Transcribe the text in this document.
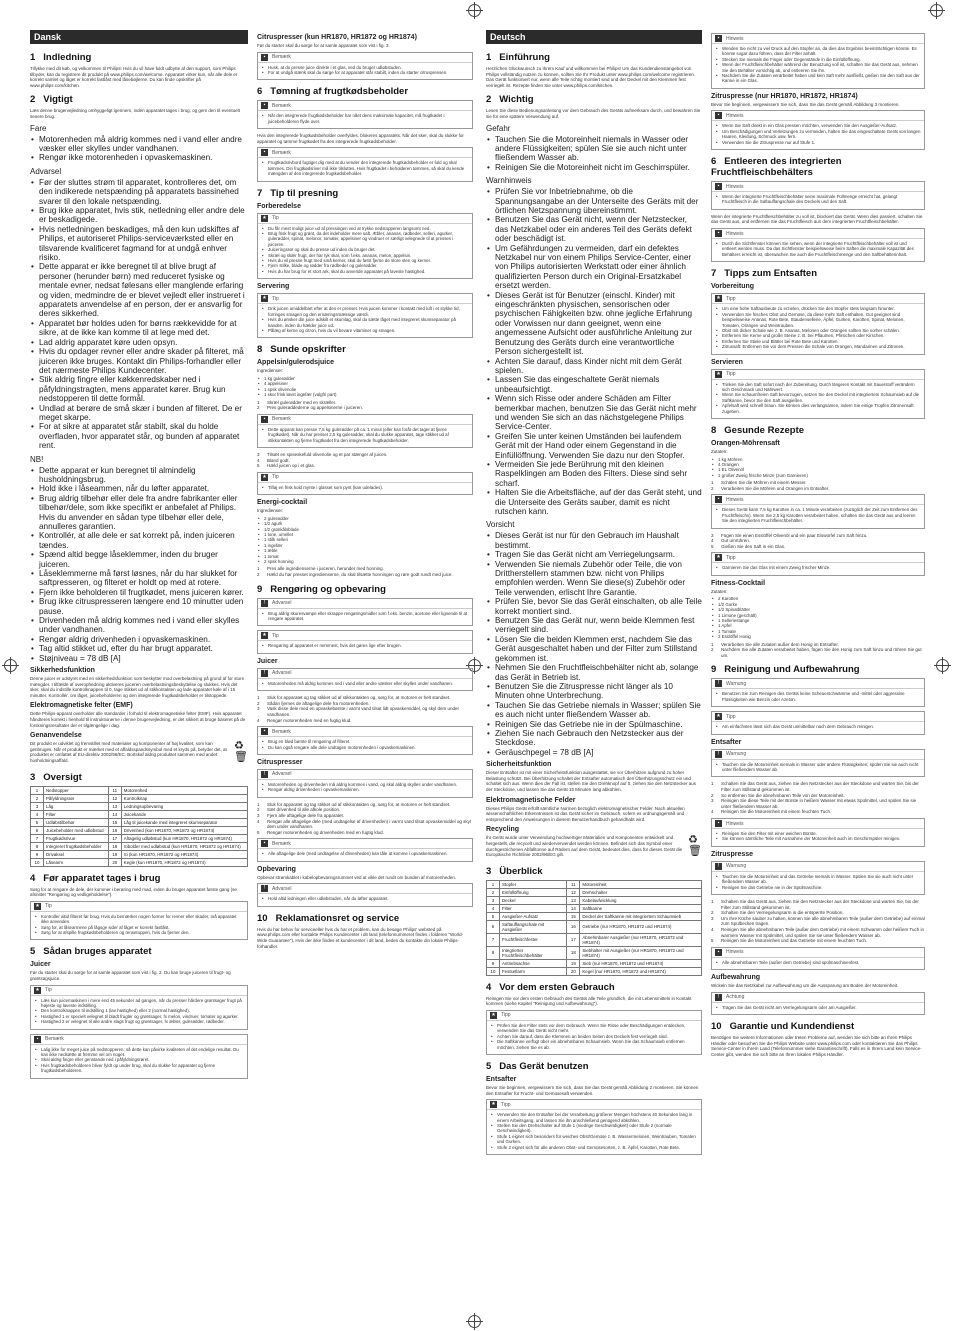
Dansk
1 Indledning

Tillykke med dit køb, og velkommen til Philips! Hvis du vil have fuldt udbytte af den support, som Philips tilbyder, kan du registrere dit produkt på www.philips.com/welcome. Apparatet virker kun, når alle dele er korrekt samlet og låget er korrekt fastlåst med låsebøjlerne. Du kan finde opskrifter på www.philips.com/kitchen.

2 Vigtigt

Læs denne brugervejledning omhyggeligt igennem, inden apparatet tages i brug, og gem den til eventuelt senere brug.

Fare
• Motorenheden må aldrig kommes ned i vand eller andre væsker eller skylles under vandhanen.
• Rengør ikke motorenheden i opvaskemaskinen.
Advarsel
• Før der sluttes strøm til apparatet, kontrolleres det, om den indikerede netspænding på apparatets bassinehed svarer til den lokale netspænding.
• Brug ikke apparatet, hvis stik, netledning eller andre dele er beskadigede.
• Hvis netledningen beskadiges, må den kun udskiftes af Philips, et autoriseret Philips-serviceværksted eller en tilsvarende kvalificeret fagmand for at undgå enhver risiko.
• Dette apparat er ikke beregnet til at blive brugt af personer (herunder børn) med reduceret fysiske og mentale evner, nedsat følesans eller manglende erfaring og viden, medmindre de er blevet vejledt eller instrueret i apparatets anvendelse af en person, der er ansvarlig for deres sikkerhed.
• Apparatet bør holdes uden for børns rækkevidde for at sikre, at de ikke kan komme til at lege med det.
• Lad aldrig apparatet køre uden opsyn.
• Hvis du opdager revner eller andre skader på filteret, må juiceren ikke bruges. Kontakt din Philips-forhandler eller det nærmeste Philips Kundecenter.
• Stik aldrig fingre eller køkkenredskaber ned i påfyldningstragten, mens apparatet kører. Brug kun nedstopperen til dette formål.
• Undlad at berøre de små skær i bunden af filteret. De er meget skarpe.
• For at sikre at apparatet står stabilt, skal du holde overfladen, hvor apparatet står, og bunden af apparatet rent.
NB!
• Dette apparat er kun beregnet til almindelig husholdningsbrug.
• Hold ikke i låseammen, når du løfter apparatet.
• Brug aldrig tilbehør eller dele fra andre fabrikanter eller tilbehør/dele, som ikke specifikt er anbefalet af Philips. Hvis du anvender en sådan type tilbehør eller dele, annulleres garantien.
• Kontrollér, at alle dele er sat korrekt på, inden juiceren tændes.
• Spænd altid begge låseklemmer, inden du bruger juiceren.
• Låseklemmerne må først løsnes, når du har slukket for saftpresseren, og filteret er holdt op med at rotere.
• Fjern ikke beholderen til frugtkødet, mens juiceren kører.
• Brug ikke citruspresseren længere end 10 minutter uden pause.
• Drivenheden må aldrig kommes ned i vand eller skylles under vandhanen.
• Rengør aldrig drivenheden i opvaskemaskinen.
• Tag altid stikket ud, efter du har brugt apparatet.
• Støjniveau = 78 dB [A]
Sikkerhedsfunktion

Denne juicer er udstyret med en sikkerhedsfunktion som beskytter mod overbelastning på grund af for store mængder. I tilfælde af overophedning aktiveres juiceren overbelastningsbeskyttelse og slukkes. Hvis det sker, skal du indstille kontrolknappen til 0, tage stikket ud af stikkontakten og lade apparatet køle af i 15 minutter. Kontrollér, om låget, juicebeholderen og den integrerede frugtkødsbeholder er tilstoppede.

Elektromagnetiske felter (EMF)

Dette Philips-apparat overholder alle standarder i forhold til elektromagnetiske felter (EMF). Hvis apparatet håndteres korrekt i henhold til instruktionerne i denne brugervejledning, er det sikkert at bruge baseret på de forskningsresultater der er tilgængelige i dag.

Genanvendelse

Dit produkt er udviklet og fremstillet med materialer og komponenter af høj kvalitet, som kan genbruges. Når et produkt er mærket med et affaldsspandssymbol med et kryds på, betyder det, at produktet er omfattet af EU-direktiv 2002/96/EC. Bortskaf aldrig produktet sammen med andet husholdningsaffald.

♻
🗑
3 Oversigt
1	Nedstopper	11	Motorenhed
2	Påfyldningsrør	12	Kontrolknap
3	Låg	13	Ledningsopbevaring
4	Filter	14	Juicekande
5	Udløbstilbehør	15	Låg til juicekande med integreret skumseparator
6	Juicebeholder med udløbstud	16	Drivenhed (kun HR1870, HR1872 og HR1874)
7	Frugtkødsrivue	17	Aftagelig udløbstud (kun HR1870, HR1872 og HR1874)
8	Integreret frugtkødsbeholder	18	Sibolder med udløbstud (kun HR1870, HR1872 og HR1874)
9	Drivaksel	19	Si (kun HR1870, HR1872 og HR1874)
10	Låsearm	20	Kegle (kun HR1870, HR1872 og HR1874)
4 Før apparatet tages i brug

Sørg for at rengøre de dele, der kommer i berøring med mad, inden du bruger apparatet første gang (se afsnittet "Rengøring og vedligeholdelse").

★ Tip
• Kontroller altid filteret før brug. Hvis du bemærker nogen former for revner eller skader, må apparatet ikke anvendes.
• Sørg for, at låsearmene på lågsge sider af låget er korrekt fastlåst.
• Sørg for at afspille frugtkødsbeholderen og rensetoppen, hvis du fjerner den.
5 Sådan bruges apparatet
Juicer

Før du starter skal du sørge for at samle apparatet som vist i fig. 2. Du kan bruge juiceren til frugt- og grøntsagsjuice.

★ Tip
• Læs kun juicemaskinen i mere end 45 sekunder ad gangen, når du presser hårdere grøntsager frugt på højeste og laveste indstilling.
• Den kontrolknappen til indstilling 1 (lav hastighed) eller 2 (normal hastighed).
• Hastighed 1 er specielt velegnet til blødt frugter og grøntsager, fx melon, vindruer, tomater og agurker.
• Hastighed 2 er velegnet til alle andre slags frugt og grøntsager, fx æbler, gulerødder, rødbeder.
▪	Bemærk
• Lalig ikke for meget juice på nedstopperen; så dette kan påvirke kvaliteten af det endelige resultat. Du kan ikke nedsætte at fremme vel om noget.
• Skal aldrig fingre eller genstande ned i påfyldningsrøret.
• Hvis frugtkødsbeholderen bliver fyldt op under brug, skal du slukke for apparatet og fjerne frugtkødsbeholderen.
Citruspresser (kun HR1870, HR1872 og HR1874)

Før du starter skal du sørge for at samle apparatet som vist i fig. 3.

▪	Bemærk
• Husk, at du presse juice direkte i et glas, ved du bruger udløbstuden.
• For at undgå stænk skal du sørge for at apparatet står stabilt, inden du starter citruspressen.
6 Tømning af frugtkødsbeholder
▪	Bemærk
• Når den integrerede frugtkødsbeholder har nået dens maksimale kapacitet, må frugtkødet i juicebeholderen flyde over.

Hvis den integrerede frugtkødsbeholder overfyldes, blokeres apparatets. Når det sker, skal du slukke for apparatet og tømme frugtkødet fra den integrerede frugtkødsbeholder.

▪	Bemærk
• Frugtkødsrivbord fugtiger dig med at du vender den integrerede frugtkødsbeholder er fuld og skal tømmes. Din frugtkødsriver må ikke tilsluttes. Hvis frugtkødet i beholderen tømmes, så skal du kende mængden af den integrerede frugtkødsbeholder.
7 Tip til presning
Forberedelse
★ Tip
• Du får mest muligt juice ud af pressingen ved at trykke nedstopperen langsomt ned.
• Brug frisk frugt og grønt, da det indeholder mere saft. Æbler, ananas, rødbeder, selleri, agurker, gulerødder, spinat, melonor, tomater, appelsiner og vindruer er særligt velegnede til at presses i juiceren.
• Juiceringsrør og skal du presse ud inden du bruger det.
• Skræl og skær frugt, der har tyk skal, som f.eks. ananas, melon, appelsin.
• Hvis du vil presse frugt med små kerner, skal du først fjerne de store sten og kerner.
• Fjern stilke, blade og rødder fra rødbeder og gulerødder.
• Hvis du har brug for et stort ark, skal du anvende apparatet på laveste hastighed.
Servering
★ Tip
• Drik juicen umiddelbart efter at den er presset. Hvis juicen kommer i kontakt med luft i et stykke tid, forringes smagen og den ernæringsmæssige værdi.
• Hvis du ønsker din juice adskilt et skumlag, skal du sætte låget med integreret skumseparator på kanden, inden du hælder juice ud.
• Pålæg af kerne og citron, hvis du vil bevare vitaminer og smagen.
8 Sunde opskrifter
Appelsin/gulerodsjuice

Ingredienser:

• 1 kg gulerødder
• 4 appelsiner
• 1 spsk olivenolie
• 1 skor frisk løvst ingefær (valgfri part)
1	Skræl gulerødder med en skræller.
2	Pres gulerøddederne og appelsinerne i juiceren.
▪	Bemærk
• Dette apparat kan presse 7,5 kg gulerødder på ca. 1 minut (eller kan forår det tager at fjerne frugtkødet). Når du har presset 2,5 kg gulerødder, skal du slukke apparatet, tage stikket ud af stikkontakten og fjerne frugtkødet fra den integrerede frugtkødsbeholder.
3	Tilsæt en spiseskefuld olivenolie og et par stænger af juicen.
4	Bland godt.
5	Hæld juicen op i et glas.
★ Tip
• Tilføj en frisk kold mynte i glasset som pynt (kan udelades).
Energi-cocktail

Ingredienser:

• 2 gulerødder
• 1/2 agurk
• 1/2 grønkålsblade
• 1 tone, urnellet
• 1 stilk selleri
• 1 ingefær
• 1 æble
• 1 tomat
• 2 spsk honning
1	Pres alle ingredienserne i juiceren, herunder med honning.
2	Hæld du har presset ingredienserne, du skal tilsætte honningen og røre godt rundt med juice.
9 Rengøring og opbevaring
!	Advarsel
• Brug aldrig skuresvampe eller skrappe rengøringsmidler som f.eks. benzin, acetone eller lignende til at rengøre apparatet.
★ Tip
• Rengøring af apparatet er nemmest, hvis det gøres lige efter brugen.
Juicer
!	Advarsel
• Motorenheden må aldrig kommes ned i vand eller andre væsker eller skylles under vandhanen.
1	Sluk for apparatet og tag stikket ud af stikkontakten og, sørg for, at motoren er helt standset.
2	Sådan fjernes de aftagelige dele fra motorenheden.
3	Vask disse dele med en opvaskebørste i varmt vand tilsat lidt opvaskemiddel, og skyl dem under vandhanen.
4	Rengør motorenheden med en fugtig klud.
▪	Bemærk
• Brug en blød børste til rengøring af filteret.
• Du kan også rengøre alle dele undtagen motorenheden i opvaskemaskinen.
Citruspresser
!	Advarsel
• Motorenheden og drivenheden må aldrig kommes i vand, og skal aldrig skylles under vandhanen.
• Rengør aldrig drivenheden i opvaskemaskinen.
1	Sluk for apparatet og tag stikket ud af stikkontakten og, sørg for, at motoren er helt standset.
2	Sæt drivenhed til alle afkole position.
3	Fjern alle aftagelige dele fra apparatet.
4	Rengør alle aftagelige dele (med undtagelse af drivenheden) i varmt vand tilsat opvaskemiddel og skyl dem under vandhanen.
5	Rengør motorenheden og drivenheden med en fugtig klud.
▪	Bemærk
• Alle aftagelige dele (med undtagelse af drivenheden) kan tåle at komme i opvaskemaskinen.
Opbevaring

Opbevar strømkablet i kabelopbevaringsrummet ved at vikle det rundt om bunden af motorenheden.

!	Advarsel
• Hold altid ledningen eller udløbstuden, når du løfter apparatet.
10 Reklamationsret og service

Hvis du har behov for serviceeller hvis du har et problem, kan du besøge Philips' websted på www.philips.com eller kontakte Philips Kundecenter i dit land (telefonnummeret findes i folderen "World-Wide Guarantee"). Hvis der ikke findes et kundecenter i dit land, bedes du kontakte din lokale Philips-forhandler.

Deutsch
1 Einführung

Herzlichen Glückwunsch zu Ihrem Kauf und willkommen bei Philips! Um das Kundendienstangebot von Philips vollständig nutzen zu können, sollten Sie Ihr Produkt unter www.philips.com/welcome registrieren. Das Gerät funktioniert nur, wenn alle Teile richtig montiert sind und der Deckel mit den Klemmen fest verriegelt ist. Rezepte finden Sie unter www.philips.com/kitchen.

2 Wichtig

Lesen Sie diese Bedienungsanleitung vor dem Gebrauch des Geräts aufmerksam durch, und bewahren Sie sie für eine spätere Verwendung auf.

Gefahr
• Tauchen Sie die Motoreinheit niemals in Wasser oder andere Flüssigkeiten; spülen Sie sie auch nicht unter fließendem Wasser ab.
• Reinigen Sie die Motoreinheit nicht im Geschirrspüler.
Warnhinweis
• Prüfen Sie vor Inbetriebnahme, ob die Spannungsangabe an der Unterseite des Geräts mit der örtlichen Netzspannung übereinstimmt.
• Benutzen Sie das Gerät nicht, wenn der Netzstecker, das Netzkabel oder ein anderes Teil des Geräts defekt oder beschädigt ist.
• Um Gefährdungen zu vermeiden, darf ein defektes Netzkabel nur von einem Philips Service-Center, einer von Philips autorisierten Werkstatt oder einer ähnlich qualifizierten Person durch ein Original-Ersatzkabel ersetzt werden.
• Dieses Gerät ist für Benutzer (einschl. Kinder) mit eingeschränkten physischen, sensorischen oder psychischen Fähigkeiten bzw. ohne jegliche Erfahrung oder Vorwissen nur dann geeignet, wenn eine angemessene Aufsicht oder ausführliche Anleitung zur Benutzung des Geräts durch eine verantwortliche Person sichergestellt ist.
• Achten Sie darauf, dass Kinder nicht mit dem Gerät spielen.
• Lassen Sie das eingeschaltete Gerät niemals unbeaufsichtigt.
• Wenn sich Risse oder andere Schäden am Filter bemerkbar machen, benutzen Sie das Gerät nicht mehr und wenden Sie sich an das nächstgelegene Philips Service-Center.
• Greifen Sie unter keinen Umständen bei laufendem Gerät mit der Hand oder einem Gegenstand in die Einfüllöffnung. Verwenden Sie dazu nur den Stopfer.
• Vermeiden Sie jede Berührung mit den kleinen Raspelklingen am Boden des Filters. Diese sind sehr scharf.
• Halten Sie die Arbeitsfläche, auf der das Gerät steht, und die Unterseite des Geräts sauber, damit es nicht rutschen kann.
Vorsicht
• Dieses Gerät ist nur für den Gebrauch im Haushalt bestimmt.
• Tragen Sie das Gerät nicht am Verriegelungsarm.
• Verwenden Sie niemals Zubehör oder Teile, die von Drittherstellern stammen bzw. nicht von Philips empfohlen werden. Wenn Sie diese(s) Zubehör oder Teile verwenden, erlischt Ihre Garantie.
• Prüfen Sie, bevor Sie das Gerät einschalten, ob alle Teile korrekt montiert sind.
• Benutzen Sie das Gerät nur, wenn beide Klemmen fest verriegelt sind.
• Lösen Sie die beiden Klemmen erst, nachdem Sie das Gerät ausgeschaltet haben und der Filter zum Stillstand gekommen ist.
• Nehmen Sie den Fruchtfleischbehälter nicht ab, solange das Gerät in Betrieb ist.
• Benutzen Sie die Zitruspresse nicht länger als 10 Minuten ohne Unterbrechung.
• Tauchen Sie das Getriebe niemals in Wasser; spülen Sie es auch nicht unter fließendem Wasser ab.
• Reinigen Sie das Getriebe nie in der Spülmaschine.
• Ziehen Sie nach Gebrauch den Netzstecker aus der Steckdose.
• Geräuschpegel = 78 dB [A]
Sicherheitsfunktion

Dieser Entsafter ist mit einer Sicherheitsfunktion ausgestattet, sie vor Überhitzen aufgrund zu hoher Belastung schützt. Bei Überhitzung schaltet der Entsafter automatisch den Überhitzungsschutz ein und schaltet sich aus. Wenn dies der Fall ist, stellen Sie den Drehknopf auf 0, ziehen Sie den Netzstecker aus der Steckdose, und lassen Sie das Gerät 15 Minuten lang abkühlen.

Elektromagnetische Felder

Dieses Philips Gerät erfüllt sämtliche Normen bezüglich elektromagnetischer Felder. Nach aktuellen wissenschaftlichen Erkenntnissen ist das Gerät sicher im Gebrauch, sofern es ordnungsgemäß und entsprechend den Anweisungen in diesem Benutzerhandbuch gehandhabt wird.

Recycling

Ihr Gerät wurde unter Verwendung hochwertiger Materialien und Komponenten entwickelt und hergestellt, die recycelt und wiederverwendet werden können. Befindet sich das Symbol einer durchgestrichenen Abfalltonne auf Rädern auf dem Gerät, bedeutet dies, dass für dieses Gerät die Europäische Richtlinie 2002/96/EG gilt.

♻
🗑
3 Überblick
1	Stopfer	11	Motoreinheit
2	Einfüllöffnung	12	Drehschalter
3	Deckel	13	Kabelaufwicklung
4	Filter	14	Saftkanne
5	Ausgießer-Aufsatz	15	Deckel der Saftkanne mit integriertem Schaumsieb
6	Saftauffangschale mit Ausgießer	16	Getriebe (nur HR1870, HR1872 und HR1874)
7	Fruchtfleischfester	17	Abnehmbarer Ausgießer (nur HR1870, HR1872 und HR1874)
8	Integrierter Fruchtfleischbehälter	18	Siebhalter mit Ausgießer (nur HR1870, HR1872 und HR1874)
9	Antriebsachse	19	Sieb (nur HR1870, HR1872 und HR1874)
10	Festsetlarm	20	Kegel (nur HR1870, HR1872 und HR1874)
4 Vor dem ersten Gebrauch

Reinigen Sie vor dem ersten Gebrauch des Geräts alle Teile gründlich, die mit Lebensmitteln in Kontakt kommen (siehe Kapitel "Reinigung und Aufbewahrung").

★ Tipp
• Prüfen Sie den Filter stets vor dem Gebrauch. Wenn Sie Risse oder Beschädigungen entdecken, verwenden Sie das Gerät nicht mehr.
• Achten Sie darauf, dass die Klemmen an beiden Seiten des Deckels fest verriegelt sind.
• Die Saftkanne verfügt über ein abnehmbares Schaumsieb. Wenn Sie das Schaumsieb entfernen möchten, ziehen Sie es ab.
5 Das Gerät benutzen
Entsafter

Bevor Sie beginnen, vergewissern Sie sich, dass Sie das Gerät gemäß Abbildung 2 montieren. Sie können den Entsafter für Frucht- und Gemüsesaft verwenden.

★ Tipp
• Verwenden Sie den Entsafter bei der Verarbeitung größerer Mengen höchstens 40 Sekunden lang in einem Arbeitsgang, und lassen Sie ihn anschließend genügend abkühlen.
• Stellen Sie den Drehschalter auf Stufe 1 (niedrige Geschwindigkeit) oder Stufe 2 (normale Geschwindigkeit).
• Stufe 1 eignet sich besonders für weiches Obst/Gemüse z. B. Wassermelonen, Weintrauben, Tomaten und Gurken.
• Stufe 2 eignet sich für alle anderen Obst- und Gemüsesorten, z. B. Äpfel, Karotten, Rote Bete.
▪	Hinweis
• Wenden Sie nicht zu viel Druck auf den Stopfer an, da dies das Ergebnis beeinträchtigen könnte. Es könnte sogar dazu führen, dass der Filter anhält.
• Stecken Sie niemals die Finger oder Gegenstände in die Einfüllöffnung.
• Wenn der Fruchtfleischbehälter während der Benutzung voll ist, schalten Sie das Gerät aus, nehmen Sie den Behälter vorsichtig ab, und entleeren Sie ihn.
• Nachdem Sie die Zutaten verarbeitet haben und kein Saft mehr ausfließt, gießen Sie den Saft aus der Kanne in ein Glas.
Zitruspresse (nur HR1870, HR1872, HR1874)

Bevor Sie beginnen, vergewissern Sie sich, dass Sie das Gerät gemäß Abbildung 3 montieren.

▪	Hinweis
• Wenn Sie Saft direkt in ein Glas pressen möchten, verwenden Sie den Ausgießer-Aufsatz.
• Um Beschädigungen und Verletzungen zu vermeiden, halten Sie das eingeschaltete Gerät von langen Haaren, Kleidung, Schmuck usw. fern.
• Verwenden Sie die Zitruspresse nur auf Stufe 1.
6 Entleeren des integrierten Fruchtfleischbehälters
▪	Hinweis
• Wenn der integrierte Fruchtfleischbehälter seine maximale Füllmenge erreicht hat, gelangt Fruchtfleisch in die Saftauffangschale des Deckels und den Saft.

Wenn der integrierte Fruchtfleischbehälter zu voll ist, blockiert das Gerät. Wenn dies passiert, schalten Sie das Gerät aus, und entfernen Sie das Fruchtfleisch aus dem integrierten Fruchtfleischbehälter.

▪	Hinweis
• Durch die Sichtfenster können Sie sehen, wenn der integrierte Fruchtfleischbehälter voll ist und entleert werden muss. Da das Sichtfenster beispielsweise beim Saften die maximale Kapazität des Behälters erreicht ist, überwachen Sie auch die Fruchtfleischmenge und den Saftbehälterinhalt.
7 Tipps zum Entsaften
Vorbereitung
★ Tipp
• Um eine hohe Saftausbeute zu erzielen, drücken Sie den Stopfer stets langsam hinunter.
• Verwenden Sie frisches Obst und Gemüse, da diese mehr Saft enthalten. Gut geeignet sind beispielsweise Ananas, Rote Bete, Staudensellerie, Äpfel, Gurken, Karotten, Spinat, Melonen, Tomaten, Orangen und Weintrauben.
• Obst mit dicker Schale wie z. B. Ananas, Melonen oder Orangen sollten Sie vorher schälen.
• Entfernen Sie Kerne und große Steine z. B. bei Pflaumen, Pfirsichen oder Kirschen.
• Entfernen Sie Stiele und Blätter bei Rote Bete und Karotten.
• Zitrussaft: Entfernen Sie vor dem Pressen die Schale von Orangen, Mandarinen und Zitronen.
Servieren
★ Tipp
• Trinken Sie den Saft sofort nach der Zubereitung. Durch längeren Kontakt mit Sauerstoff verändern sich Geschmack und Nährwert.
• Wenn Sie schaumfreien Saft bevorzugen, setzen Sie den Deckel mit integriertem Schaumsieb auf die Saftkanne, bevor Sie den Saft ausgießen.
• Apfelsaft wird schnell braun. Sie können dies verlangsamen, indem Sie einige Tropfen Zitronensaft zugeben.
8 Gesunde Rezepte
Orangen-Möhrensaft

Zutaten:

• 1 kg Möhren
• 4 Orangen
• 1 EL Olivenöl
• 1 großer Zweig frische Minze (zum Garnieren)
1	Schälen Sie die Möhren mit einem Messer.
2	Verarbeiten Sie die Möhren und Orangen im Entsafter.
▪	Hinweis
• Dieses Gerät kann 7,5 kg Karotten in ca. 1 Minute verarbeiten (zuzüglich der Zeit zum Entfernen des Fruchtfleischs). Wenn Sie 2,5 kg Karotten verarbeitet haben, schalten Sie das Gerät aus und leeren Sie den integrierten Fruchtfleischbehälter.
3	Fügen Sie einen Esslöffel Olivenöl und ein paar Eiswürfel zum Saft hinzu.
4	Gut umrühren.
5	Gießen Sie den Saft in ein Glas.
★ Tipp
• Garnieren Sie das Glas mit einem Zweig frischer Minze.
Fitness-Cocktail

Zutaten:

• 2 Karotten
• 1/2 Gurke
• 1/2 Spinatblätter
• 1 Limone (geschält)
• 1 Selleriestange
• 1 Apfel
• 1 Tomate
• 2 Esslöffel Honig
1	Verarbeiten Sie alle Zutaten außer dem Honig im Entsafter.
2	Nachdem Sie alle Zutaten verarbeitet haben, fügen Sie den Honig zum Saft hinzu und rühren Sie gut um.
9 Reinigung und Aufbewahrung
!	Warnung
• Benutzen Sie zum Reinigen des Geräts keine Scheuerschwämme und -mittel oder aggressive Flüssigkeiten wie Benzin oder Azeton.
★ Tipp
• Am einfachsten lässt sich das Gerät unmittelbar nach dem Gebrauch reinigen.
Entsafter
!	Warnung
• Tauchen Sie die Motoreinheit niemals in Wasser oder andere Flüssigkeiten; spülen Sie sie auch nicht unter fließendem Wasser ab.
1	Schalten Sie das Gerät aus, ziehen Sie den Netzstecker aus der Steckdose und warten Sie, bis der Filter zum Stillstand gekommen ist.
2	So entfernen Sie die abnehmbaren Teile von der Motoreinheit.
3	Reinigen Sie diese Teile mit der Bürste in heißem Wasser mit etwas Spülmittel, und spülen Sie sie unter fließendem Wasser ab.
4	Reinigen Sie die Motoreinheit mit einem feuchten Tuch.
▪	Hinweis
• Reinigen Sie den Filter mit einer weichen Bürste.
• Sie können sämtliche Teile mit Ausnahme der Motoreinheit auch im Geschirrspüler reinigen.
Zitruspresse
!	Warnung
• Tauchen Sie die Motoreinheit und das Getriebe niemals in Wasser. Spülen Sie sie auch nicht unter fließendem Wasser ab.
• Reinigen Sie das Getriebe nie in der Spülmaschine.
1	Schalten Sie das Gerät aus, ziehen Sie den Netzstecker aus der Steckdose und warten Sie, bis der Filter zum Stillstand gekommen ist.
2	Schalten Sie den Verriegelungsarm in die entsperrte Position.
3	Um Ihre Küche sauber zu halten, können Sie alle abnehmbaren Teile (außer dem Getriebe) auf einmal zum Spülbecken tragen.
4	Reinigen Sie alle abnehmbaren Teile (außer dem Getriebe) mit einem Schwamm oder heißem Tuch in warmem Wasser mit Spülmittel, und spülen Sie sie unter fließendem Wasser ab.
5	Reinigen Sie die Motoreinheit und das Getriebe mit einem feuchten Tuch.
▪	Hinweis
• Alle abnehmbaren Teile (außer dem Getriebe) sind spülmaschinenfest.
Aufbewahrung

Wickeln Sie das Netzkabel zur Aufbewahrung um die Aussparung am Boden der Motoreinheit.

!	Achtung
• Tragen Sie das Gerät nicht am Verriegelungsarm oder am Ausgießer.
10 Garantie und Kundendienst

Benötigen Sie weitere Informationen oder treten Probleme auf, wenden Sie sich bitte an Ihren Philips Händler oder besuchen Sie die Philips Website unter www.philips.com oder kontaktieren Sie das Philips Service-Center in Ihrem Land (Telefonnummer siehe Garantieschrift). Falls es in Ihrem Land kein Service-Center gibt, wenden Sie sich bitte an Ihren lokalen Philips Händler.
